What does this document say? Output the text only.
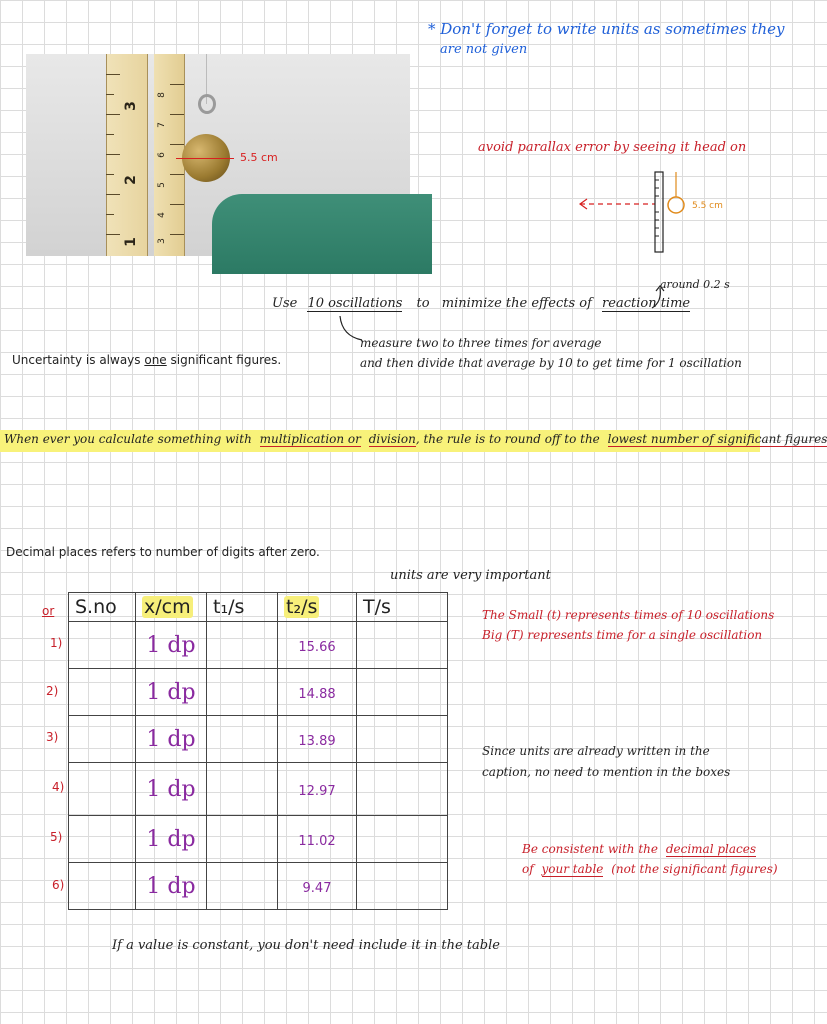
* Don't forget to write units as sometimes they
are not given
3
2
1
8
7
6
5
4
3
5.5 cm
avoid parallax error by seeing it head on
5.5 cm
around 0.2 s
Use 10 oscillations to minimize the effects of reaction time
measure two to three times for average
and then divide that average by 10 to get time for 1 oscillation
Uncertainty is always one significant figures.
When ever you calculate something with multiplication or division, the rule is to round off to the lowest number of significant figures
Decimal places refers to number of digits after zero.
units are very important
or
1)
2)
3)
4)
5)
6)
S.no	x/cm	t₁/s	t₂/s	T/s
	1 dp		15.66	
	1 dp		14.88	
	1 dp		13.89	
	1 dp		12.97	
	1 dp		11.02	
	1 dp		9.47	
The Small (t) represents times of 10 oscillations
Big (T) represents time for a single oscillation
Since units are already written in the
caption, no need to mention in the boxes
Be consistent with the decimal places
of your table (not the significant figures)
If a value is constant, you don't need include it in the table
